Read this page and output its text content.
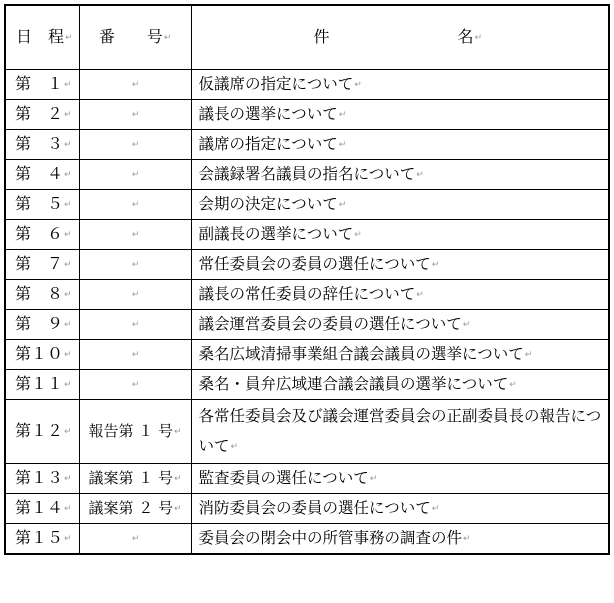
日　程↵	番　　号↵	件　　　　　　　　名↵
第　１↵	↵	仮議席の指定について↵
第　２↵	↵	議長の選挙について↵
第　３↵	↵	議席の指定について↵
第　４↵	↵	会議録署名議員の指名について↵
第　５↵	↵	会期の決定について↵
第　６↵	↵	副議長の選挙について↵
第　７↵	↵	常任委員会の委員の選任について↵
第　８↵	↵	議長の常任委員の辞任について↵
第　９↵	↵	議会運営委員会の委員の選任について↵
第１０↵	↵	桑名広域清掃事業組合議会議員の選挙について↵
第１１↵	↵	桑名・員弁広域連合議会議員の選挙について↵
第１２↵	報告第 １ 号↵	各常任委員会及び議会運営委員会の正副委員長の報告について↵
第１３↵	議案第 １ 号↵	監査委員の選任について↵
第１４↵	議案第 ２ 号↵	消防委員会の委員の選任について↵
第１５↵	↵	委員会の閉会中の所管事務の調査の件↵
